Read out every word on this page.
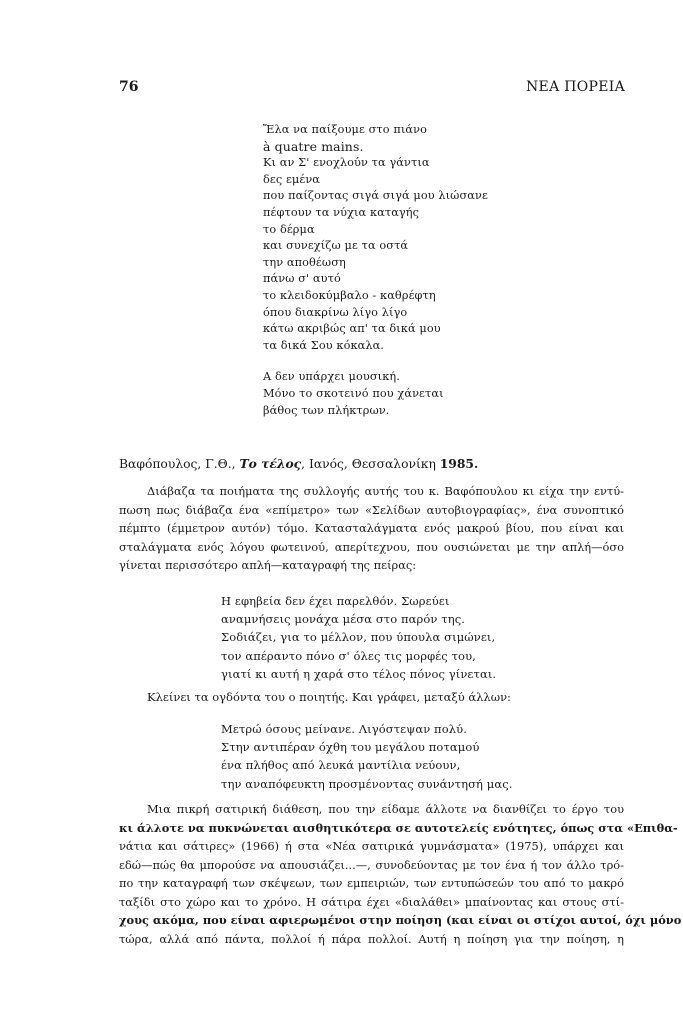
76	ΝΕΑ ΠΟΡΕΙΑ
Ἔλα να παίξουμε στο πιάνο
à quatre mains.
Κι αν Σ' ενοχλούν τα γάντια
δες εμένα
που παίζοντας σιγά σιγά μου λιώσανε
πέφτουν τα νύχια καταγής
το δέρμα
και συνεχίζω με τα οστά
την αποθέωση
πάνω σ' αυτό
το κλειδοκύμβαλο - καθρέφτη
όπου διακρίνω λίγο λίγο
κάτω ακριβώς απ' τα δικά μου
τα δικά Σου κόκαλα.
Α δεν υπάρχει μουσική.
Μόνο το σκοτεινό που χάνεται
βάθος των πλήκτρων.
Βαφόπουλος, Γ.Θ., Το τέλος, Ιανός, Θεσσαλονίκη 1985.
Διάβαζα τα ποιήματα της συλλογής αυτής του κ. Βαφόπουλου κι είχα την εντύ-
πωση πως διάβαζα ένα «επίμετρο» των «Σελίδων αυτοβιογραφίας», ένα συνοπτικό
πέμπτο (έμμετρον αυτόν) τόμο. Κατασταλάγματα ενός μακρού βίου, που είναι και
σταλάγματα ενός λόγου φωτεινού, απερίτεχνου, που ουσιώνεται με την απλή—όσο
γίνεται περισσότερο απλή—καταγραφή της πείρας:
Η εφηβεία δεν έχει παρελθόν. Σωρεύει
αναμνήσεις μονάχα μέσα στο παρόν της.
Σοδιάζει, για το μέλλον, που ύπουλα σιμώνει,
τον απέραντο πόνο σ' όλες τις μορφές του,
γιατί κι αυτή η χαρά στο τέλος πόνος γίνεται.
Κλείνει τα ογδόντα του ο ποιητής. Και γράφει, μεταξύ άλλων:
Μετρώ όσους μείνανε. Λιγόστεψαν πολύ.
Στην αντιπέραν όχθη του μεγάλου ποταμού
ένα πλήθος από λευκά μαντίλια νεύουν,
την αναπόφευκτη προσμένοντας συνάντησή μας.
Μια πικρή σατιρική διάθεση, που την είδαμε άλλοτε να διανθίζει το έργο του
κι άλλοτε να πυκνώνεται αισθητικότερα σε αυτοτελείς ενότητες, όπως στα «Επιθα-
νάτια και σάτιρες» (1966) ή στα «Νέα σατιρικά γυμνάσματα» (1975), υπάρχει και
εδώ—πώς θα μπορούσε να απουσιάζει...—, συνοδεύοντας με τον ένα ή τον άλλο τρό-
πο την καταγραφή των σκέψεων, των εμπειριών, των εντυπώσεών του από το μακρό
ταξίδι στο χώρο και το χρόνο. Η σάτιρα έχει «διαλάθει» μπαίνοντας και στους στί-
χους ακόμα, που είναι αφιερωμένοι στην ποίηση (και είναι οι στίχοι αυτοί, όχι μόνο
τώρα, αλλά από πάντα, πολλοί ή πάρα πολλοί. Αυτή η ποίηση για την ποίηση, η
